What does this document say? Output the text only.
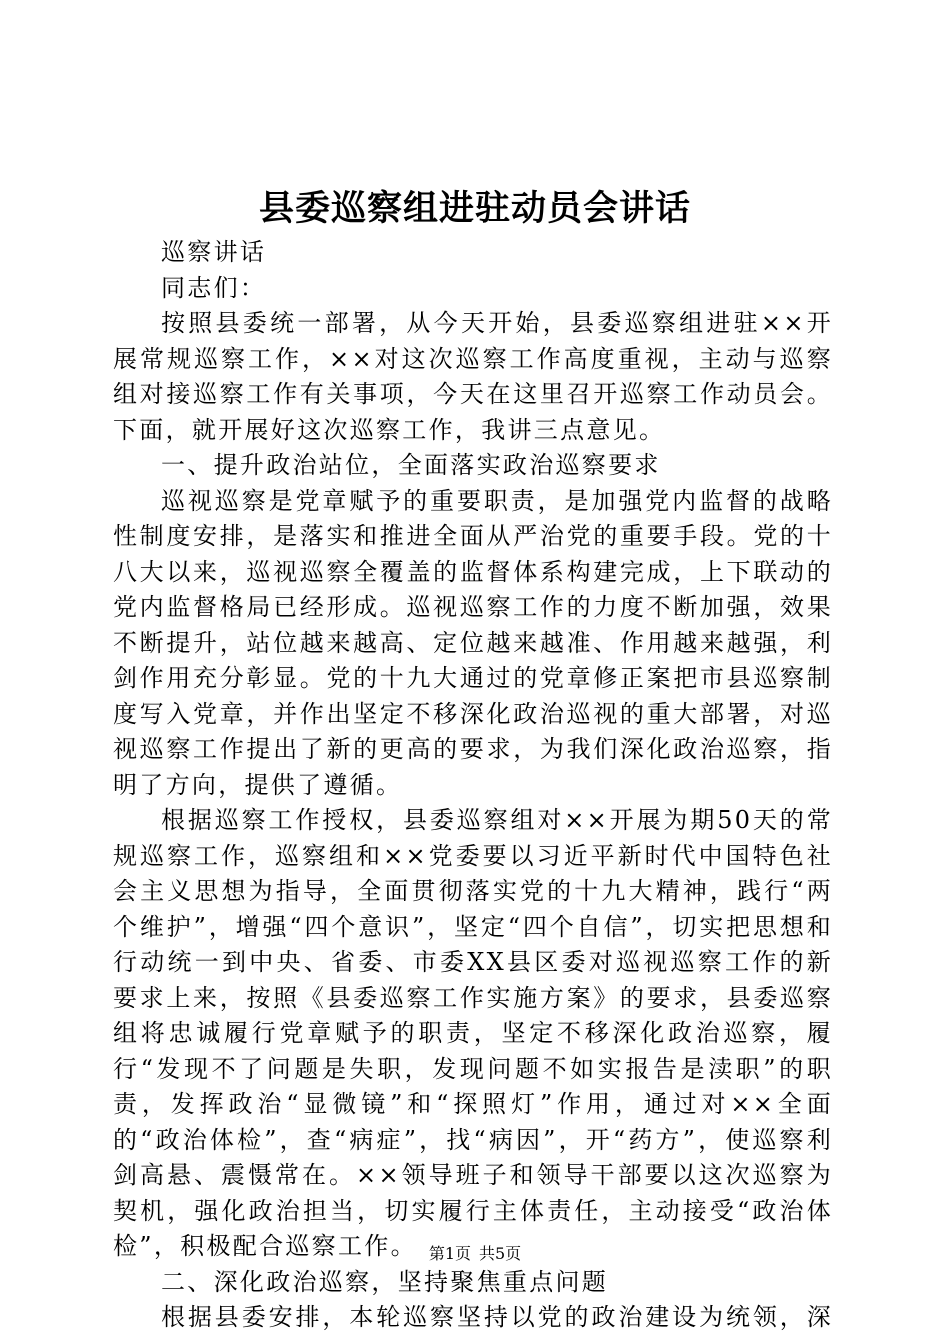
县委巡察组进驻动员会讲话

巡察讲话

同志们：

按照县委统一部署，从今天开始，县委巡察组进驻××开展常规巡察工作，××对这次巡察工作高度重视，主动与巡察组对接巡察工作有关事项，今天在这里召开巡察工作动员会。下面，就开展好这次巡察工作，我讲三点意见。

一、提升政治站位，全面落实政治巡察要求

巡视巡察是党章赋予的重要职责，是加强党内监督的战略性制度安排，是落实和推进全面从严治党的重要手段。党的十八大以来，巡视巡察全覆盖的监督体系构建完成，上下联动的党内监督格局已经形成。巡视巡察工作的力度不断加强，效果不断提升，站位越来越高、定位越来越准、作用越来越强，利剑作用充分彰显。党的十九大通过的党章修正案把市县巡察制度写入党章，并作出坚定不移深化政治巡视的重大部署，对巡视巡察工作提出了新的更高的要求，为我们深化政治巡察，指明了方向，提供了遵循。

根据巡察工作授权，县委巡察组对××开展为期50天的常规巡察工作，巡察组和××党委要以习近平新时代中国特色社会主义思想为指导，全面贯彻落实党的十九大精神，践行“两个维护”，增强“四个意识”，坚定“四个自信”，切实把思想和行动统一到中央、省委、市委XX县区委对巡视巡察工作的新要求上来，按照《县委巡察工作实施方案》的要求，县委巡察组将忠诚履行党章赋予的职责，坚定不移深化政治巡察，履行“发现不了问题是失职，发现问题不如实报告是渎职”的职责，发挥政治“显微镜”和“探照灯”作用，通过对××全面的“政治体检”，查“病症”，找“病因”，开“药方”，使巡察利剑高悬、震慑常在。××领导班子和领导干部要以这次巡察为契机，强化政治担当，切实履行主体责任，主动接受“政治体检”，积极配合巡察工作。

二、深化政治巡察，坚持聚焦重点问题

根据县委安排，本轮巡察坚持以党的政治建设为统领，深

第1页 共5页
